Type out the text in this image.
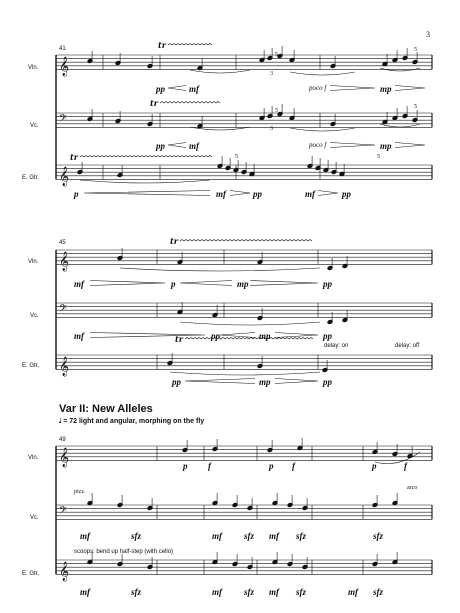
𝄞
𝄢
𝄞
𝄞
𝄢
𝄞
𝄞
𝄢
𝄞
tr
tr
tr
tr
tr
3
41
Vln.
Vc.
E. Gtr.
pp	mf
3
5
poco f	mp
5
pp	mf
3
5
poco f	mp
5
p
5
mf	pp
5
mf	pp
45
Vln.
Vc.
E. Gtr.
mf	p	mp	pp
mf	pp	mp	pp
pp	mp	pp
delay: on	delay: off
Var II: New Alleles
𝅗𝅥 = 72 light and angular, morphing on the fly
49
Vln.
Vc.
E. Gtr.
p f	p f	p	f
pizz.
arco
mf	sfz	mf sfz mf sfz	sfz
scoops: bend up half-step (with cello)
mf	sfz	mf sfz mf sfz	mf sfz
